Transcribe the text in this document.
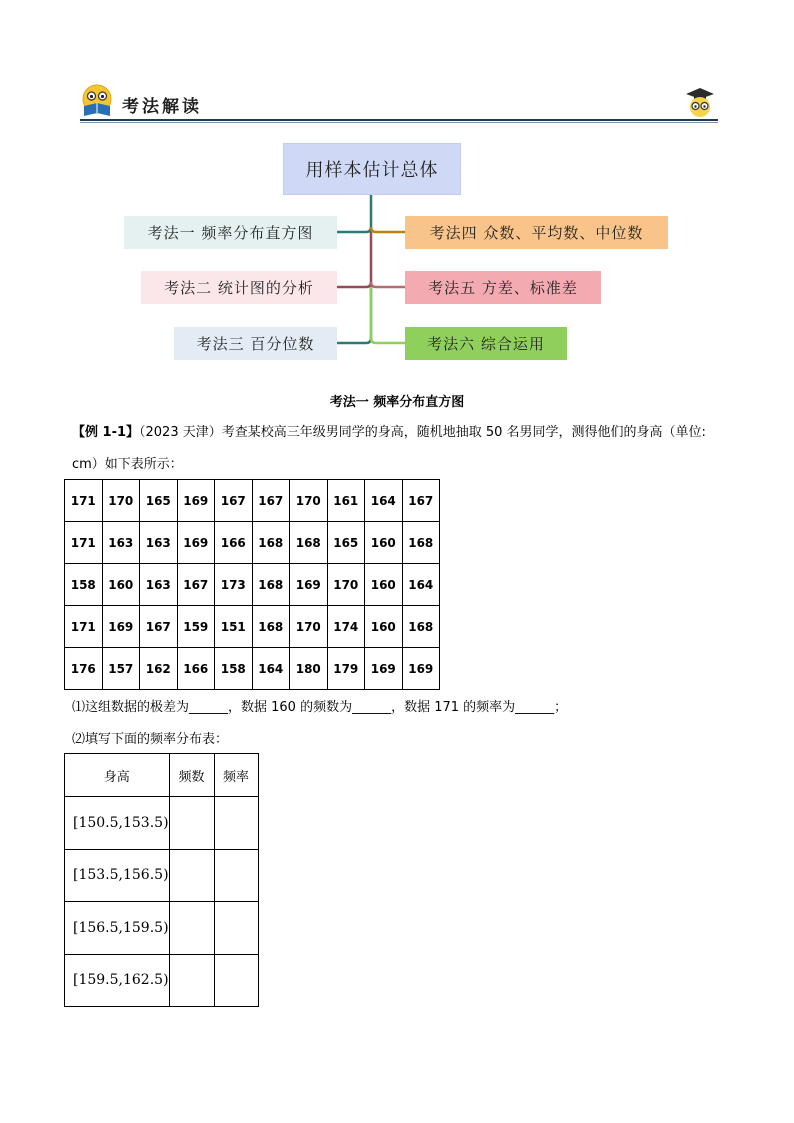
考法解读
用样本估计总体
考法一 频率分布直方图
考法二 统计图的分析
考法三 百分位数
考法四 众数、平均数、中位数
考法五 方差、标准差
考法六 综合运用
考法一 频率分布直方图
【例 1-1】（2023 天津）考查某校高三年级男同学的身高，随机地抽取 50 名男同学，测得他们的身高（单位:
cm）如下表所示：
171	170	165	169	167	167	170	161	164	167
171	163	163	169	166	168	168	165	160	168
158	160	163	167	173	168	169	170	160	164
171	169	167	159	151	168	170	174	160	168
176	157	162	166	158	164	180	179	169	169
⑴这组数据的极差为______，数据 160 的频数为______，数据 171 的频率为______；
⑵填写下面的频率分布表：
身高	频数	频率
[150.5,153.5)		
[153.5,156.5)		
[156.5,159.5)		
[159.5,162.5)		
